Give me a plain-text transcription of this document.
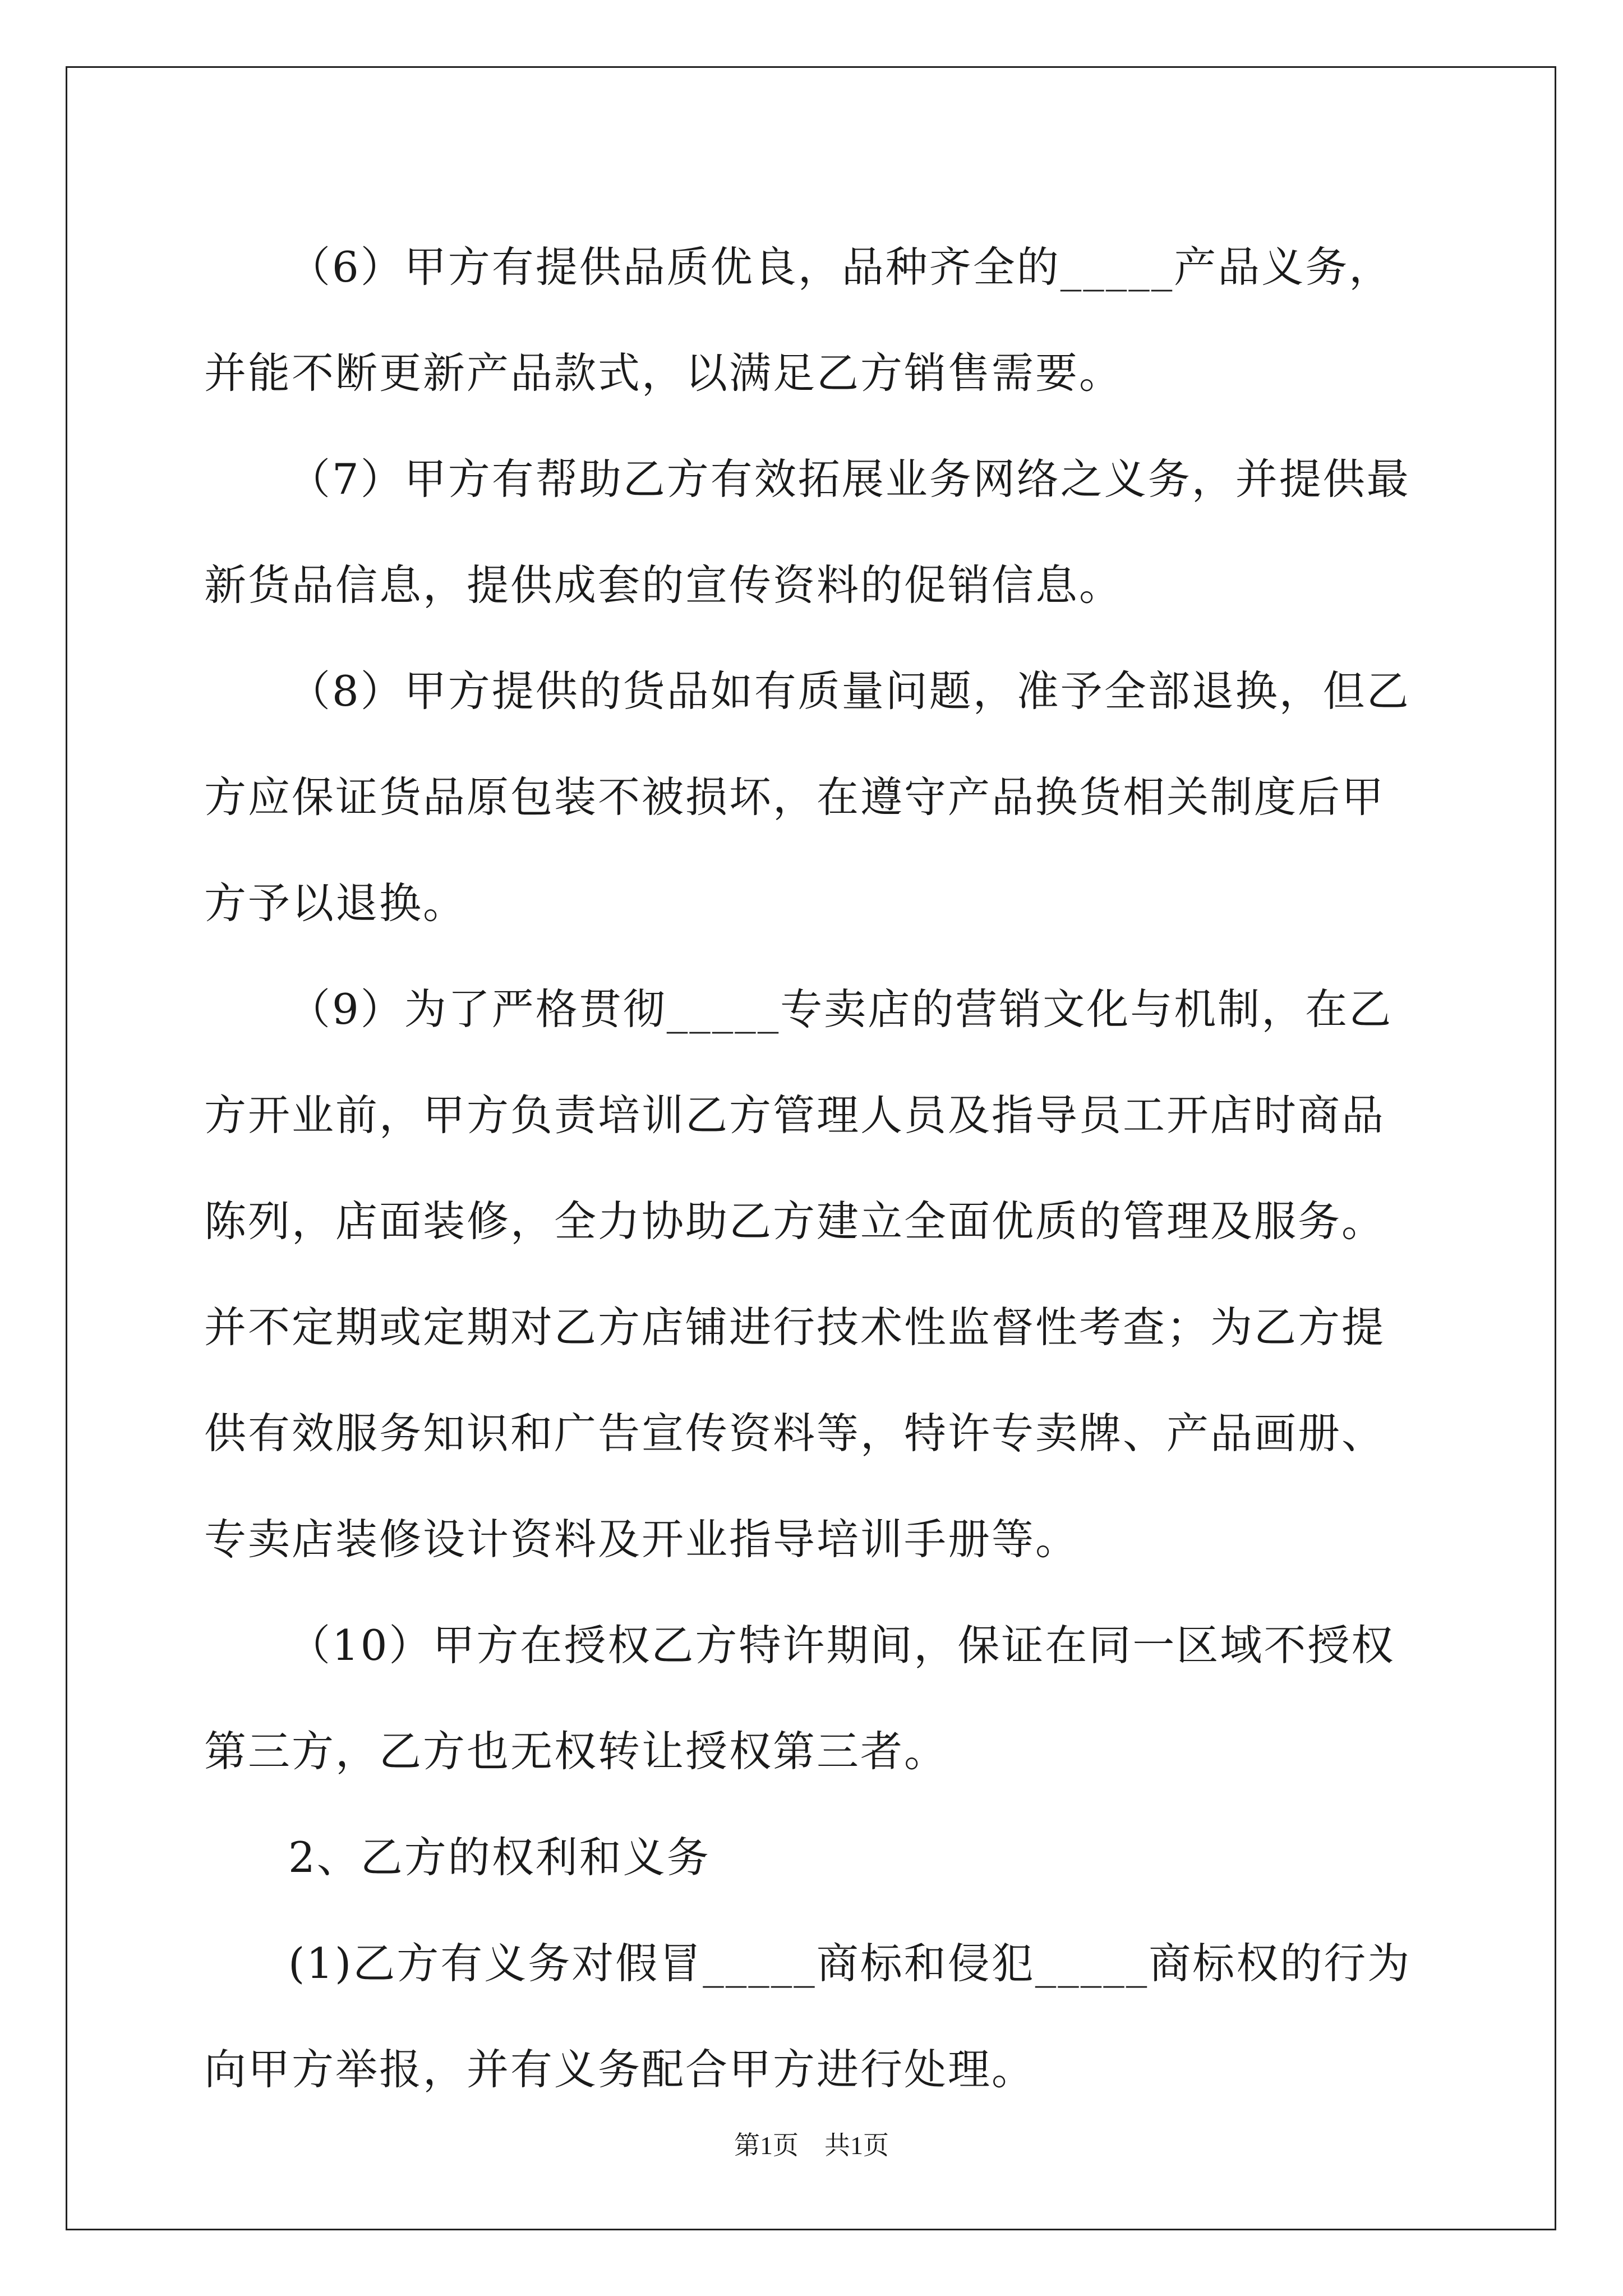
（6）甲方有提供品质优良，品种齐全的_____产品义务，并能不断更新产品款式，以满足乙方销售需要。

（7）甲方有帮助乙方有效拓展业务网络之义务，并提供最新货品信息，提供成套的宣传资料的促销信息。

（8）甲方提供的货品如有质量问题，准予全部退换，但乙方应保证货品原包装不被损坏，在遵守产品换货相关制度后甲方予以退换。

（9）为了严格贯彻_____专卖店的营销文化与机制，在乙方开业前，甲方负责培训乙方管理人员及指导员工开店时商品陈列，店面装修，全力协助乙方建立全面优质的管理及服务。并不定期或定期对乙方店铺进行技术性监督性考查；为乙方提供有效服务知识和广告宣传资料等，特许专卖牌、产品画册、专卖店装修设计资料及开业指导培训手册等。

（10）甲方在授权乙方特许期间，保证在同一区域不授权第三方，乙方也无权转让授权第三者。

2、乙方的权利和义务

(1)乙方有义务对假冒_____商标和侵犯_____商标权的行为向甲方举报，并有义务配合甲方进行处理。

第1页　共1页
